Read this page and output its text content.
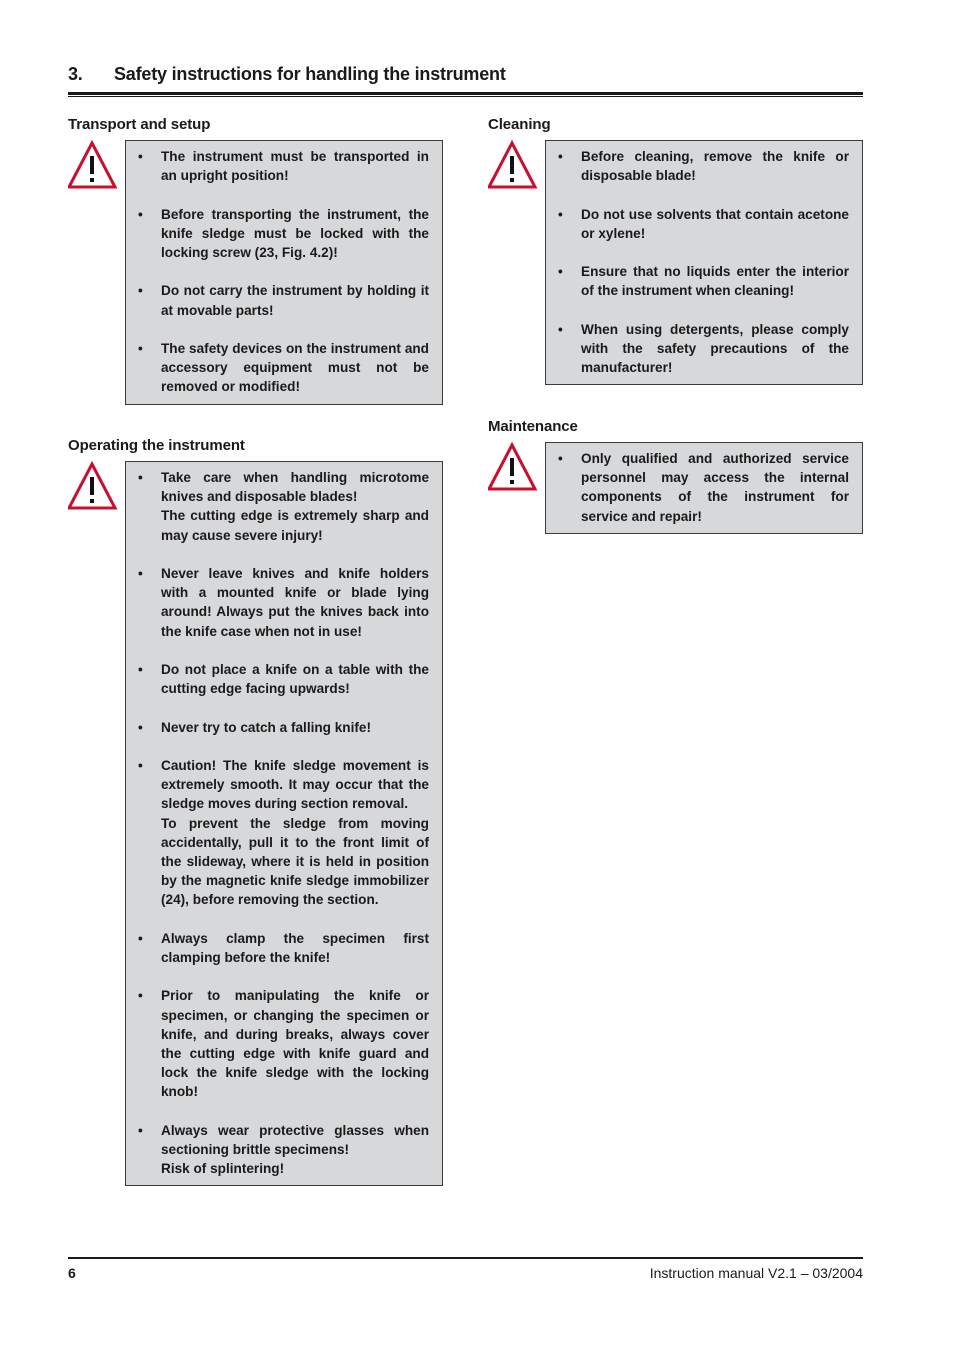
3.	Safety instructions for handling the instrument
Transport and setup
• The instrument must be transported in an upright position!
• Before transporting the instrument, the knife sledge must be locked with the locking screw (23, Fig. 4.2)!
• Do not carry the instrument by holding it at movable parts!
• The safety devices on the instrument and accessory equipment must not be removed or modified!
Operating the instrument
• Take care when handling microtome knives and disposable blades!
The cutting edge is extremely sharp and may cause severe injury!
• Never leave knives and knife holders with a mounted knife or blade lying around! Always put the knives back into the knife case when not in use!
• Do not place a knife on a table with the cutting edge facing upwards!
• Never try to catch a falling knife!
• Caution! The knife sledge movement is extremely smooth. It may occur that the sledge moves during section removal.
To prevent the sledge from moving accidentally, pull it to the front limit of the slideway, where it is held in position by the magnetic knife sledge immobilizer (24), before removing the section.
• Always clamp the specimen first clamping before the knife!
• Prior to manipulating the knife or specimen, or changing the specimen or knife, and during breaks, always cover the cutting edge with knife guard and lock the knife sledge with the locking knob!
• Always wear protective glasses when sectioning brittle specimens!
Risk of splintering!
Cleaning
• Before cleaning, remove the knife or disposable blade!
• Do not use solvents that contain acetone or xylene!
• Ensure that no liquids enter the interior of the instrument when cleaning!
• When using detergents, please comply with the safety precautions of the manufacturer!
Maintenance
• Only qualified and authorized service personnel may access the internal components of the instrument for service and repair!
6	Instruction manual V2.1 – 03/2004
